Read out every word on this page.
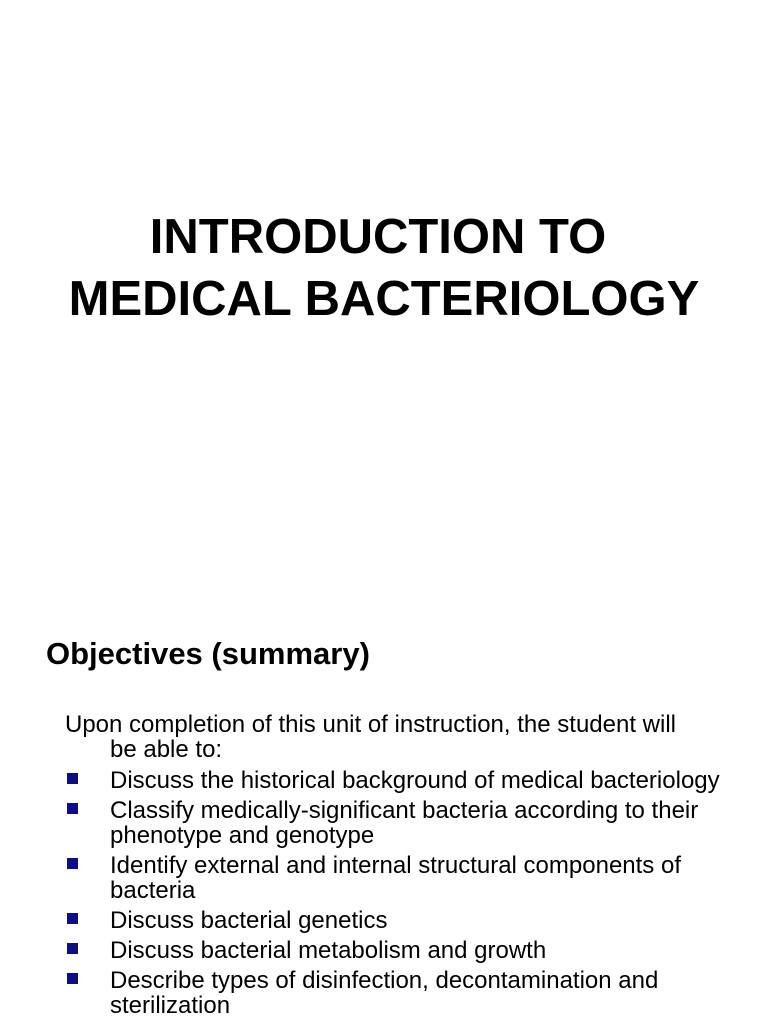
INTRODUCTION TO
MEDICAL BACTERIOLOGY
Objectives (summary)

Upon completion of this unit of instruction, the student will be able to:

Discuss the historical background of medical bacteriology
Classify medically-significant bacteria according to their phenotype and genotype
Identify external and internal structural components of bacteria
Discuss bacterial genetics
Discuss bacterial metabolism and growth
Describe types of disinfection, decontamination and sterilization
